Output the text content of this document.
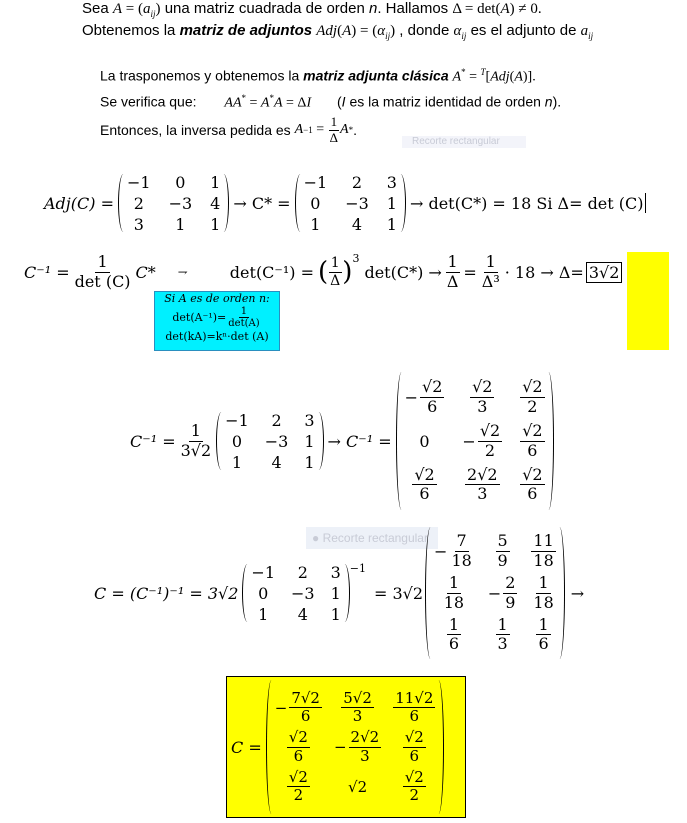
Sea $A = (a_{ij})$ una matriz cuadrada de orden n. Hallamos Δ = det(A) ≠ 0.
Obtenemos la matriz de adjuntos $Adj(A) = (\alpha_{ij})$ , donde $\alpha_{ij}$ es el adjunto de $a_{ij}$
La trasponemos y obtenemos la matriz adjunta clásica A* = $^T$[Adj(A)].
Se verifica que: AA* = A*A = ΔI (I es la matriz identidad de orden n).
Entonces, la inversa pedida es $A -1 = \frac{1}{\Delta}$ A * .
Recorte rectangular
Adj(C) =
−1	0	1
2	−3 4
3	1	1
→ C* =
−1	2	3
0	−3 1
1	4	1
→ det(C*) = 18 Si Δ= det (C)
$C^{-1} = \frac{1}{\det (C)} C*$	⇁	det(C⁻¹) = ( $\frac{1}{\Delta} )^3$
$\det(C*) \to \frac{1}{\Delta} = \frac{1}{\text{Δ³}} \cdot 18 \to \Delta= 3√2$
Si A es de orden n:
$\det(A^{-1})= \frac{1}{\det(A)}$
det(kA)=kⁿ·det (A)
$C^{-1} = \frac{1}{3√2}$
−1	2	3
0	−3 1
1	4	1
→ C⁻¹ =
− $\frac{√2}{6} \frac{√2}{3} \frac{√2}{2}$
$0 - \frac{√2}{2} \frac{√2}{6}$
$\frac{√2}{6} \frac{2√2}{3} \frac{√2}{6}$
● Recorte rectangular
C = (C⁻¹)⁻¹ = 3√2
−1	2	3
0	−3 1
1	4	1
$^{-1}$
= 3√2
− $\frac{7}{18} \frac{5}{9} \frac{11}{18}$
$\frac{1}{18} - \frac{2}{9} \frac{1}{18}$
$\frac{1}{6} \frac{1}{3} \frac{1}{6}$
→
C =
− $\frac{7√2}{6} \frac{5√2}{3} \frac{11√2}{6}$
$\frac{√2}{6} - \frac{2√2}{3} \frac{√2}{6}$
$\frac{√2}{2}$	$√2 \frac{√2}{2}$
